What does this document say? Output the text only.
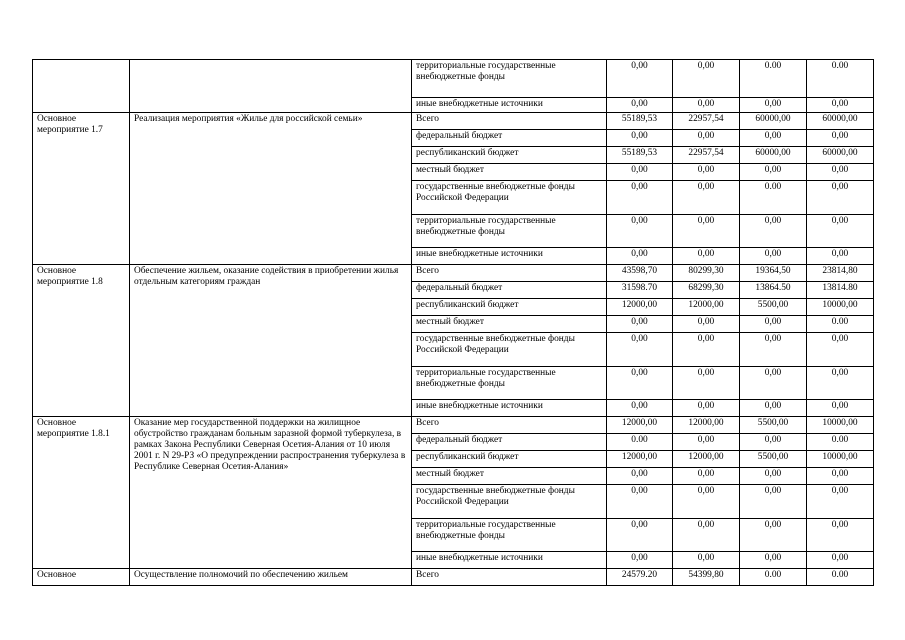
		территориальные государственные внебюджетные фонды	0,00	0,00	0.00	0.00
		иные внебюджетные источники	0,00	0,00	0,00	0,00
Основное мероприятие 1.7	Реализация мероприятия «Жилье для российской семьи»	Всего	55189,53	22957,54	60000,00	60000,00
		федеральный бюджет	0,00	0,00	0,00	0,00
		республиканский бюджет	55189,53	22957,54	60000,00	60000,00
		местный бюджет	0,00	0,00	0,00	0,00
		государственные внебюджетные фонды Российской Федерации	0,00	0,00	0.00	0,00
		территориальные государственные внебюджетные фонды	0,00	0,00	0,00	0,00
		иные внебюджетные источники	0,00	0,00	0,00	0,00
Основное мероприятие 1.8	Обеспечение жильем, оказание содействия в приобретении жилья отдельным категориям граждан	Всего	43598,70	80299,30	19364,50	23814,80
		федеральный бюджет	31598.70	68299,30	13864.50	13814.80
		республиканский бюджет	12000,00	12000,00	5500,00	10000,00
		местный бюджет	0,00	0,00	0,00	0.00
		государственные внебюджетные фонды Российской Федерации	0,00	0,00	0,00	0,00
		территориальные государственные внебюджетные фонды	0,00	0,00	0,00	0,00
		иные внебюджетные источники	0,00	0,00	0,00	0,00
Основное мероприятие 1.8.1	Оказание мер государственной поддержки на жилищное обустройство гражданам больным заразной формой туберкулеза, в рамках Закона Республики Северная Осетия-Алания от 10 июля 2001 г. N 29-РЗ «О предупреждении распространения туберкулеза в Республике Северная Осетия-Алания»	Всего	12000,00	12000,00	5500,00	10000,00
		федеральный бюджет	0.00	0,00	0,00	0.00
		республиканский бюджет	12000,00	12000,00	5500,00	10000,00
		местный бюджет	0,00	0,00	0,00	0,00
		государственные внебюджетные фонды Российской Федерации	0,00	0,00	0,00	0,00
		территориальные государственные внебюджетные фонды	0,00	0,00	0,00	0,00
		иные внебюджетные источники	0,00	0,00	0,00	0,00
Основное	Осуществление полномочий по обеспечению жильем	Всего	24579.20	54399,80	0.00	0.00
